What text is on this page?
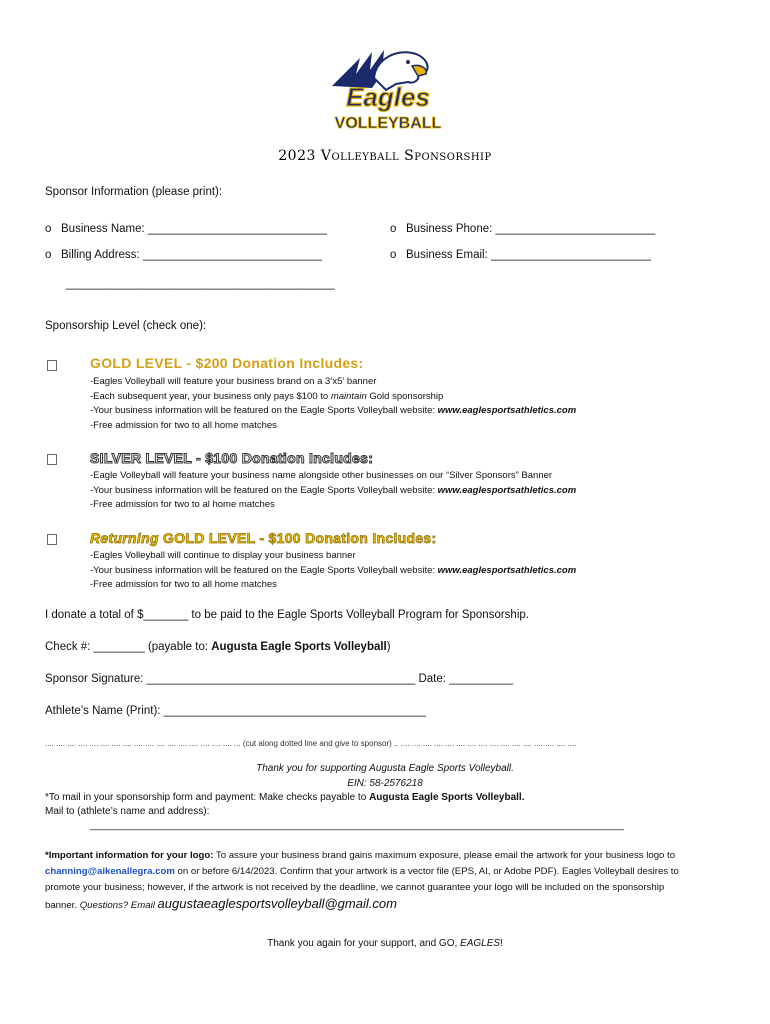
Eagles
VOLLEYBALL
2023 Volleyball Sponsorship
Sponsor Information (please print):
o Business Name: ____________________________	o Business Phone: _________________________
o Billing Address: ____________________________	o Business Email: _________________________
__________________________________________
Sponsorship Level (check one):
GOLD LEVEL - $200 Donation Includes:
-Eagles Volleyball will feature your business brand on a 3’x5’ banner
-Each subsequent year, your business only pays $100 to maintain Gold sponsorship
-Your business information will be featured on the Eagle Sports Volleyball website: www.eaglesportsathletics.com
-Free admission for two to all home matches
SILVER LEVEL - $100 Donation Includes:
-Eagle Volleyball will feature your business name alongside other businesses on our “Silver Sponsors” Banner
-Your business information will be featured on the Eagle Sports Volleyball website: www.eaglesportsathletics.com
-Free admission for two to al home matches
Returning GOLD LEVEL - $100 Donation Includes:
-Eagles Volleyball will continue to display your business banner
-Your business information will be featured on the Eagle Sports Volleyball website: www.eaglesportsathletics.com
-Free admission for two to all home matches
I donate a total of $_______ to be paid to the Eagle Sports Volleyball Program for Sponsorship.
Check #: ________ (payable to: Augusta Eagle Sports Volleyball)
Sponsor Signature: __________________________________________ Date: __________
Athlete’s Name (Print): _________________________________________
.... .... .... .... .... .... .... .... .... .... .... .... .... .... .... .... .... ... (cut along dotted line and give to sponsor) .. .... .... .... .... .... .... .... .... .... .... .... .... .... .... .... ....
Thank you for supporting Augusta Eagle Sports Volleyball.
EIN: 58-2576218
*To mail in your sponsorship form and payment: Make checks payable to Augusta Eagle Sports Volleyball.
Mail to (athlete’s name and address):
________________________________________________________________________________________________
*Important information for your logo: To assure your business brand gains maximum exposure, please email the artwork for your business logo to
channing@aikenallegra.com on or before 6/14/2023. Confirm that your artwork is a vector file (EPS, AI, or Adobe PDF). Eagles Volleyball desires to
promote your business; however, if the artwork is not received by the deadline, we cannot guarantee your logo will be included on the sponsorship
banner. Questions? Email augustaeaglesportsvolleyball@gmail.com
Thank you again for your support, and GO, EAGLES!
